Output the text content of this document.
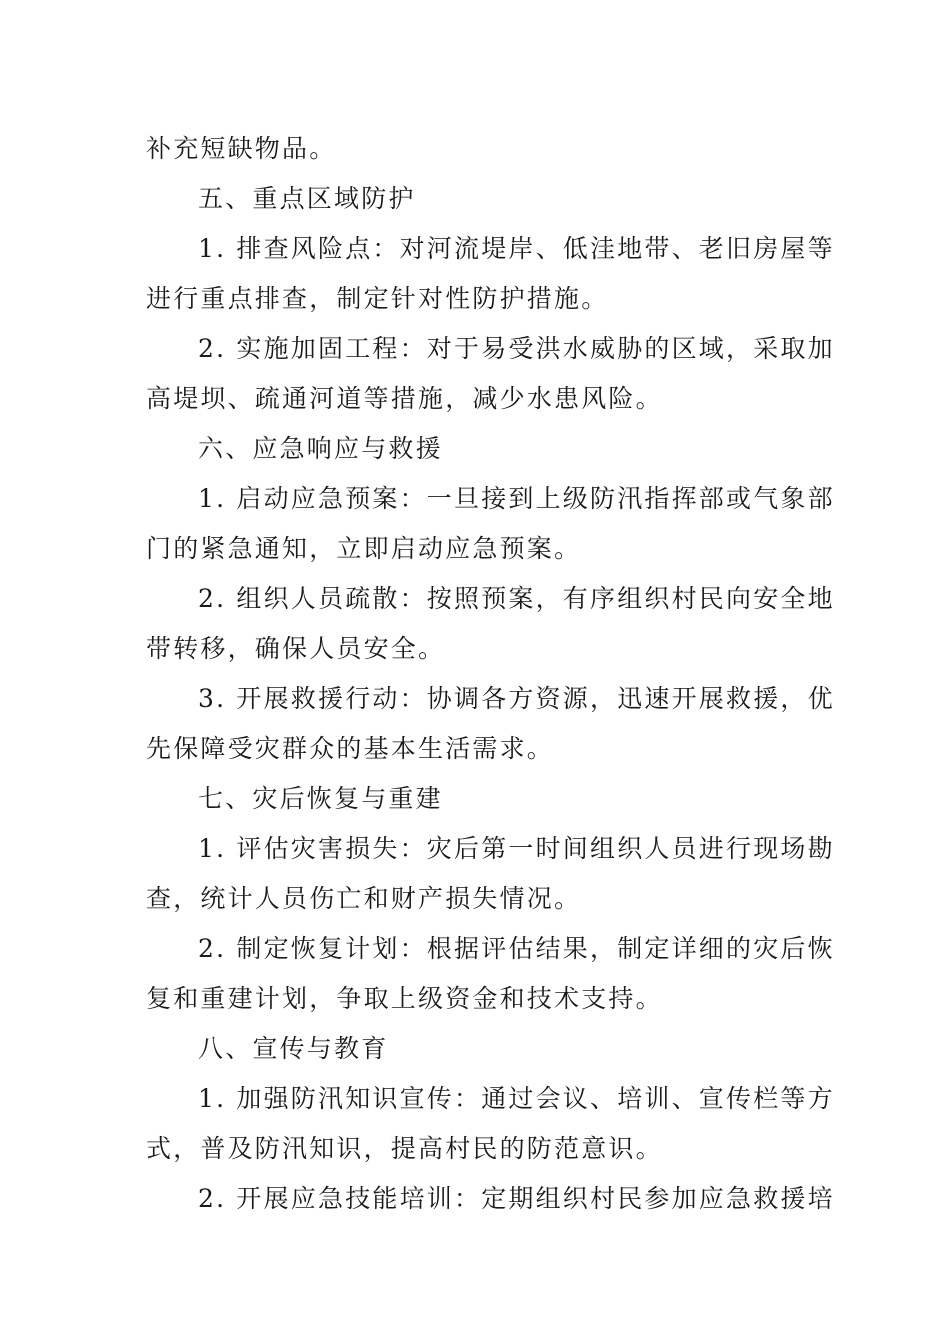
补充短缺物品。
五、重点区域防护
1. 排查风险点：对河流堤岸、低洼地带、老旧房屋等
进行重点排查，制定针对性防护措施。
2. 实施加固工程：对于易受洪水威胁的区域，采取加
高堤坝、疏通河道等措施，减少水患风险。
六、应急响应与救援
1. 启动应急预案：一旦接到上级防汛指挥部或气象部
门的紧急通知，立即启动应急预案。
2. 组织人员疏散：按照预案，有序组织村民向安全地
带转移，确保人员安全。
3. 开展救援行动：协调各方资源，迅速开展救援，优
先保障受灾群众的基本生活需求。
七、灾后恢复与重建
1. 评估灾害损失：灾后第一时间组织人员进行现场勘
查，统计人员伤亡和财产损失情况。
2. 制定恢复计划：根据评估结果，制定详细的灾后恢
复和重建计划，争取上级资金和技术支持。
八、宣传与教育
1. 加强防汛知识宣传：通过会议、培训、宣传栏等方
式，普及防汛知识，提高村民的防范意识。
2. 开展应急技能培训：定期组织村民参加应急救援培
